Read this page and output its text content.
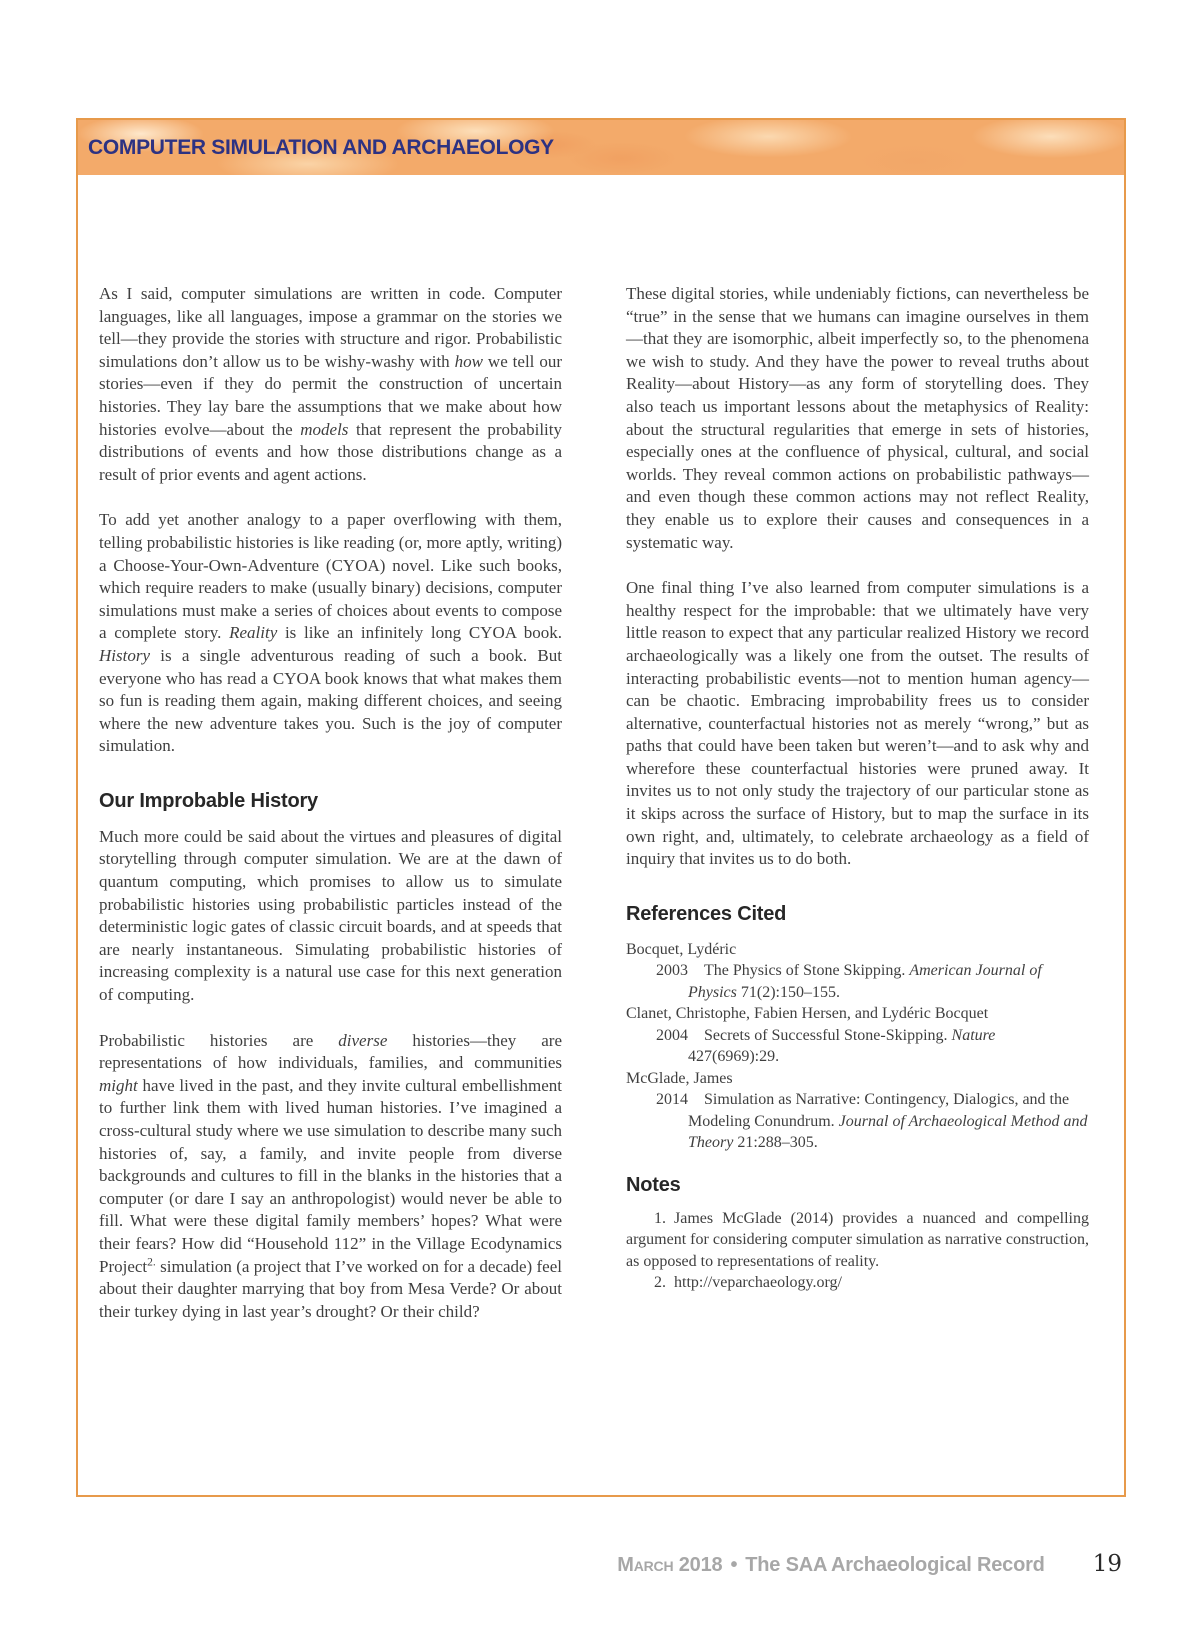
COMPUTER SIMULATION AND ARCHAEOLOGY

As I said, computer simulations are written in code. Computer languages, like all languages, impose a grammar on the stories we tell—they provide the stories with structure and rigor. Probabilistic simulations don’t allow us to be wishy-washy with how we tell our stories—even if they do permit the construction of uncertain histories. They lay bare the assumptions that we make about how histories evolve—about the models that represent the probability distributions of events and how those distributions change as a result of prior events and agent actions.

To add yet another analogy to a paper overflowing with them, telling probabilistic histories is like reading (or, more aptly, writing) a Choose-Your-Own-Adventure (CYOA) novel. Like such books, which require readers to make (usually binary) decisions, computer simulations must make a series of choices about events to compose a complete story. Reality is like an infinitely long CYOA book. History is a single adventurous reading of such a book. But everyone who has read a CYOA book knows that what makes them so fun is reading them again, making different choices, and seeing where the new adventure takes you. Such is the joy of computer simulation.

Our Improbable History

Much more could be said about the virtues and pleasures of digital storytelling through computer simulation. We are at the dawn of quantum computing, which promises to allow us to simulate probabilistic histories using probabilistic particles instead of the deterministic logic gates of classic circuit boards, and at speeds that are nearly instantaneous. Simulating probabilistic histories of increasing complexity is a natural use case for this next generation of computing.

Probabilistic histories are diverse histories—they are representations of how individuals, families, and communities might have lived in the past, and they invite cultural embellishment to further link them with lived human histories. I’ve imagined a cross-cultural study where we use simulation to describe many such histories of, say, a family, and invite people from diverse backgrounds and cultures to fill in the blanks in the histories that a computer (or dare I say an anthropologist) would never be able to fill. What were these digital family members’ hopes? What were their fears? How did “Household 112” in the Village Ecodynamics Project$^{2.}$ simulation (a project that I’ve worked on for a decade) feel about their daughter marrying that boy from Mesa Verde? Or about their turkey dying in last year’s drought? Or their child?

These digital stories, while undeniably fictions, can nevertheless be “true” in the sense that we humans can imagine ourselves in them—that they are isomorphic, albeit imperfectly so, to the phenomena we wish to study. And they have the power to reveal truths about Reality—about History—as any form of storytelling does. They also teach us important lessons about the metaphysics of Reality: about the structural regularities that emerge in sets of histories, especially ones at the confluence of physical, cultural, and social worlds. They reveal common actions on probabilistic pathways—and even though these common actions may not reflect Reality, they enable us to explore their causes and consequences in a systematic way.

One final thing I’ve also learned from computer simulations is a healthy respect for the improbable: that we ultimately have very little reason to expect that any particular realized History we record archaeologically was a likely one from the outset. The results of interacting probabilistic events—not to mention human agency—can be chaotic. Embracing improbability frees us to consider alternative, counterfactual histories not as merely “wrong,” but as paths that could have been taken but weren’t—and to ask why and wherefore these counterfactual histories were pruned away. It invites us to not only study the trajectory of our particular stone as it skips across the surface of History, but to map the surface in its own right, and, ultimately, to celebrate archaeology as a field of inquiry that invites us to do both.

References Cited

Bocquet, Lydéric

2003  The Physics of Stone Skipping. American Journal of Physics 71(2):150–155.

Clanet, Christophe, Fabien Hersen, and Lydéric Bocquet

2004  Secrets of Successful Stone-Skipping. Nature 427(6969):29.

McGlade, James

2014  Simulation as Narrative: Contingency, Dialogics, and the Modeling Conundrum. Journal of Archaeological Method and Theory 21:288–305.

Notes

1. James McGlade (2014) provides a nuanced and compelling argument for considering computer simulation as narrative construction, as opposed to representations of reality.

2. http://veparchaeology.org/

March 2018 • The SAA Archaeological Record 19
